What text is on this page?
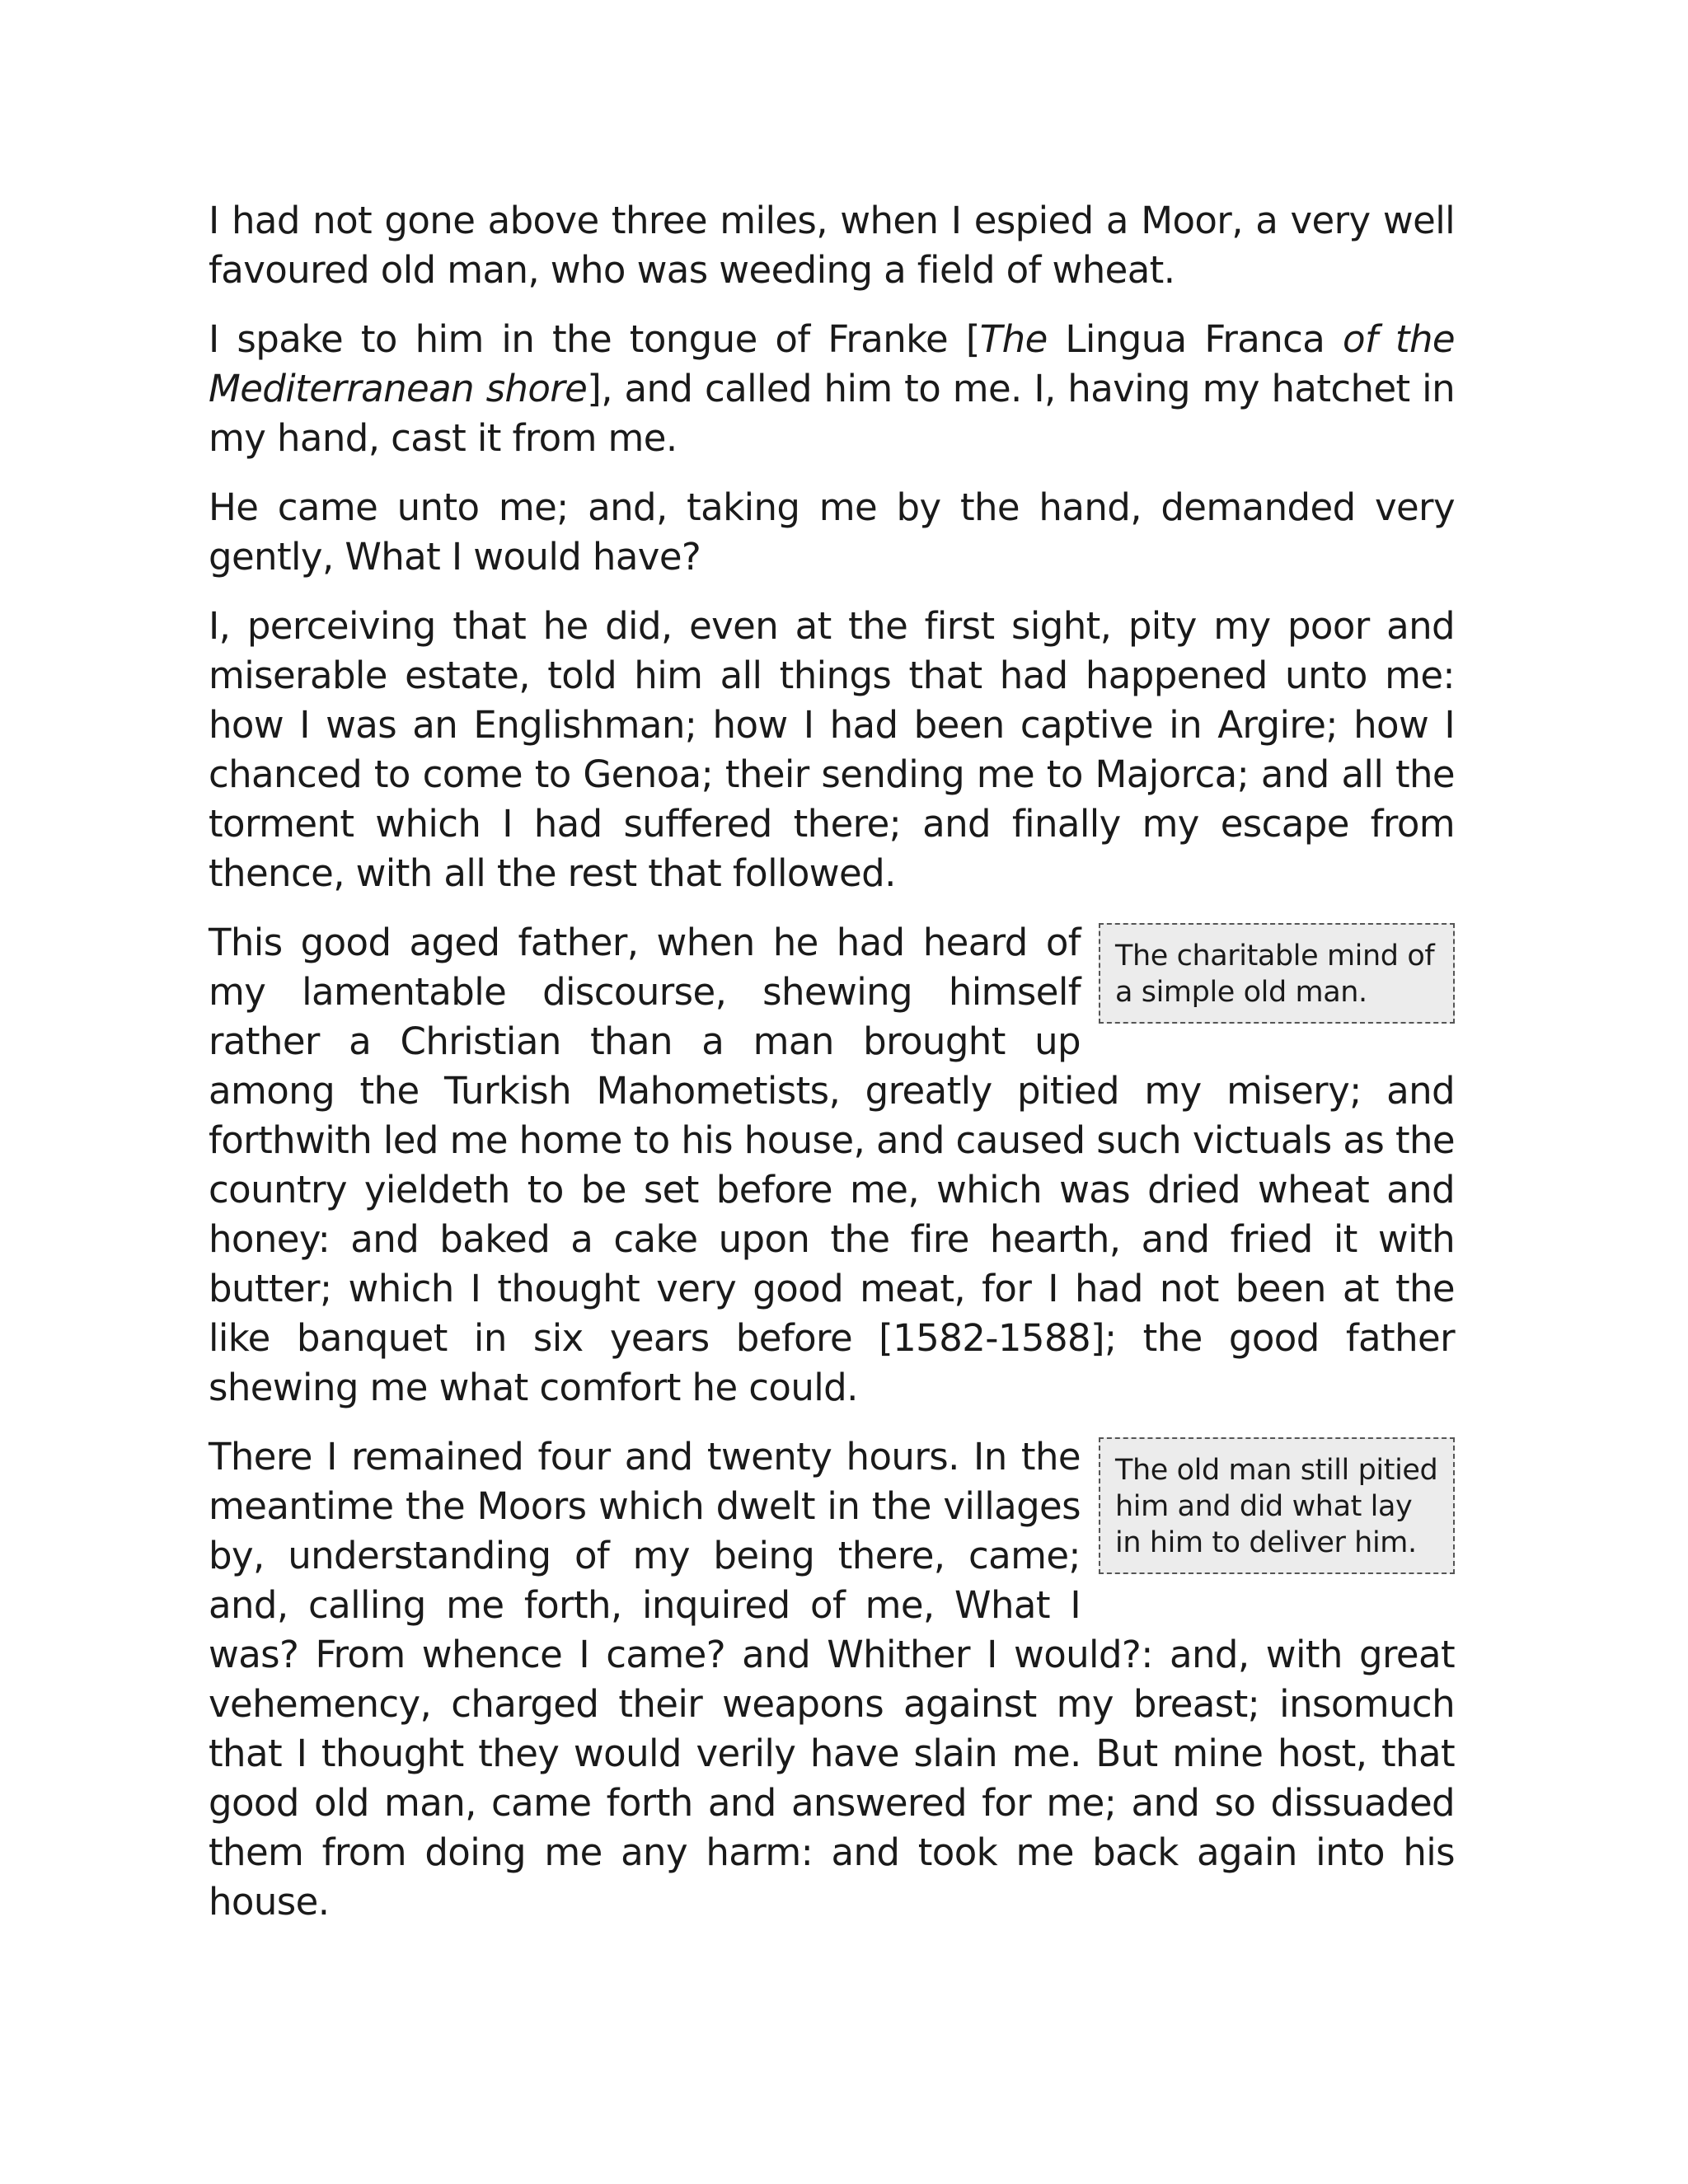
I had not gone above three miles, when I espied a Moor, a very well favoured old man, who was weeding a field of wheat.

I spake to him in the tongue of Franke [The Lingua Franca of the Mediterranean shore], and called him to me. I, having my hatchet in my hand, cast it from me.

He came unto me; and, taking me by the hand, demanded very gently, What I would have?

I, perceiving that he did, even at the first sight, pity my poor and miserable estate, told him all things that had happened unto me: how I was an Englishman; how I had been captive in Argire; how I chanced to come to Genoa; their sending me to Majorca; and all the torment which I had suffered there; and finally my escape from thence, with all the rest that followed.

The charitable mind of a simple old man.

This good aged father, when he had heard of my lamentable discourse, shewing himself rather a Christian than a man brought up among the Turkish Mahometists, greatly pitied my misery; and forthwith led me home to his house, and caused such victuals as the country yieldeth to be set before me, which was dried wheat and honey: and baked a cake upon the fire hearth, and fried it with butter; which I thought very good meat, for I had not been at the like banquet in six years before [1582-1588]; the good father shewing me what comfort he could.

The old man still pitied him and did what lay in him to deliver him.

There I remained four and twenty hours. In the meantime the Moors which dwelt in the villages by, understanding of my being there, came; and, calling me forth, inquired of me, What I was? From whence I came? and Whither I would?: and, with great vehemency, charged their weapons against my breast; insomuch that I thought they would verily have slain me. But mine host, that good old man, came forth and answered for me; and so dissuaded them from doing me any harm: and took me back again into his house.
